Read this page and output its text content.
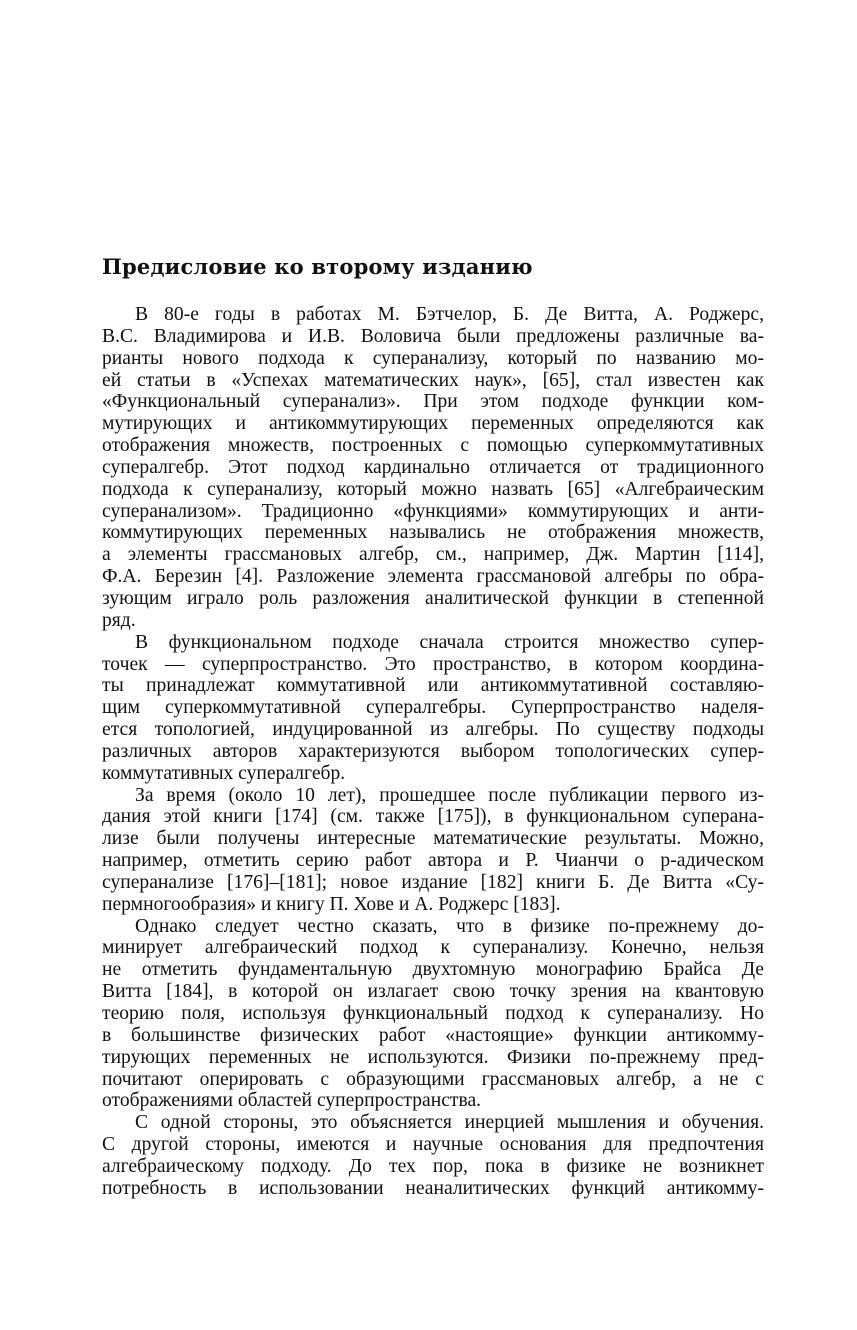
Предисловие ко второму изданию

В 80-е годы в работах М. Бэтчелор, Б. Де Витта, А. Роджерс,
В.С. Владимирова и И.В. Воловича были предложены различные ва-
рианты нового подхода к суперанализу, который по названию мо-
ей статьи в «Успехах математических наук», [65], стал известен как
«Функциональный суперанализ». При этом подходе функции ком-
мутирующих и антикоммутирующих переменных определяются как
отображения множеств, построенных с помощью суперкоммутативных
супералгебр. Этот подход кардинально отличается от традиционного
подхода к суперанализу, который можно назвать [65] «Алгебраическим
суперанализом». Традиционно «функциями» коммутирующих и анти-
коммутирующих переменных назывались не отображения множеств,
а элементы грассмановых алгебр, см., например, Дж. Мартин [114],
Ф.А. Березин [4]. Разложение элемента грассмановой алгебры по обра-
зующим играло роль разложения аналитической функции в степенной
ряд.

В функциональном подходе сначала строится множество супер-
точек — суперпространство. Это пространство, в котором координа-
ты принадлежат коммутативной или антикоммутативной составляю-
щим суперкоммутативной супералгебры. Суперпространство наделя-
ется топологией, индуцированной из алгебры. По существу подходы
различных авторов характеризуются выбором топологических супер-
коммутативных супералгебр.

За время (около 10 лет), прошедшее после публикации первого из-
дания этой книги [174] (см. также [175]), в функциональном суперана-
лизе были получены интересные математические результаты. Можно,
например, отметить серию работ автора и Р. Чианчи о p-адическом
суперанализе [176]–[181]; новое издание [182] книги Б. Де Витта «Су-
пермногообразия» и книгу П. Хове и А. Роджерс [183].

Однако следует честно сказать, что в физике по-прежнему до-
минирует алгебраический подход к суперанализу. Конечно, нельзя
не отметить фундаментальную двухтомную монографию Брайса Де
Витта [184], в которой он излагает свою точку зрения на квантовую
теорию поля, используя функциональный подход к суперанализу. Но
в большинстве физических работ «настоящие» функции антикомму-
тирующих переменных не используются. Физики по-прежнему пред-
почитают оперировать с образующими грассмановых алгебр, а не с
отображениями областей суперпространства.

С одной стороны, это объясняется инерцией мышления и обучения.
С другой стороны, имеются и научные основания для предпочтения
алгебраическому подходу. До тех пор, пока в физике не возникнет
потребность в использовании неаналитических функций антикомму-
